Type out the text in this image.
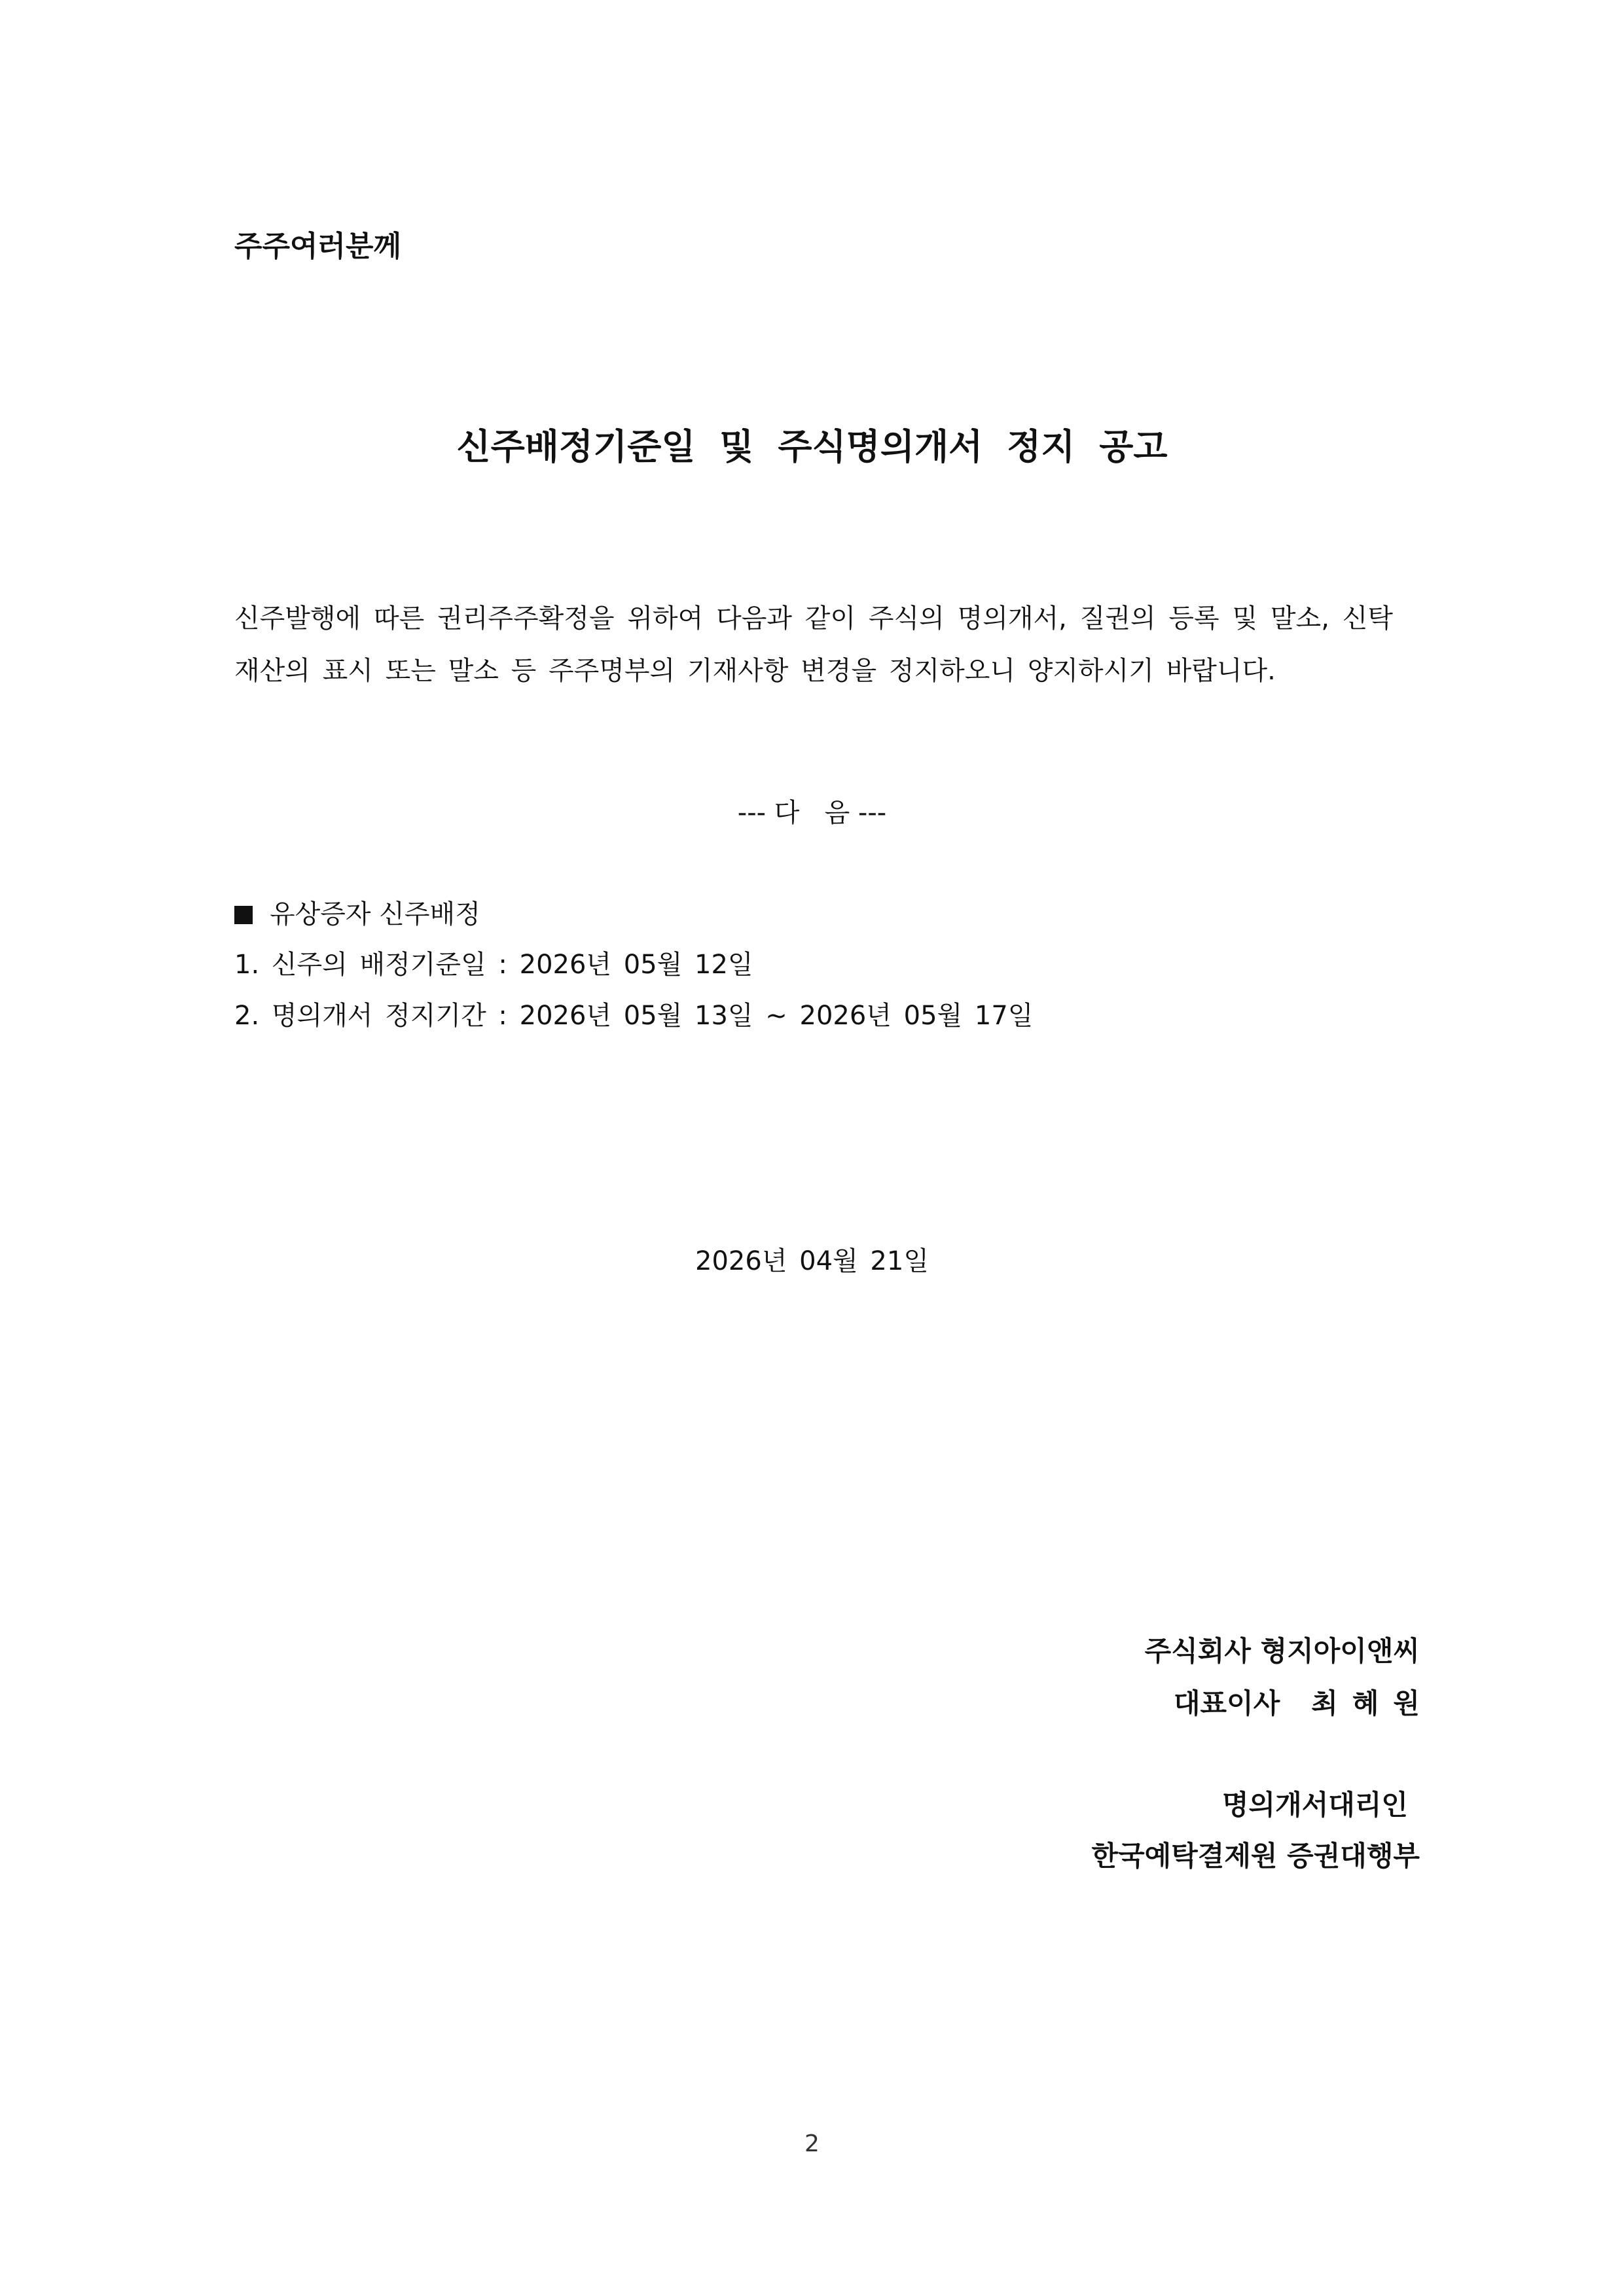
주주여러분께

신주배정기준일 및 주식명의개서 정지 공고

신주발행에 따른 권리주주확정을 위하여 다음과 같이 주식의 명의개서, 질권의 등록 및 말소, 신탁재산의 표시 또는 말소 등 주주명부의 기재사항 변경을 정지하오니 양지하시기 바랍니다.

--- 다   음 ---

유상증자 신주배정

1. 신주의 배정기준일 : 2026년 05월 12일

2. 명의개서 정지기간 : 2026년 05월 13일 ~ 2026년 05월 17일

2026년 04월 21일

주식회사 형지아이앤씨

대표이사 최혜원

명의개서대리인

한국예탁결제원 증권대행부

2
